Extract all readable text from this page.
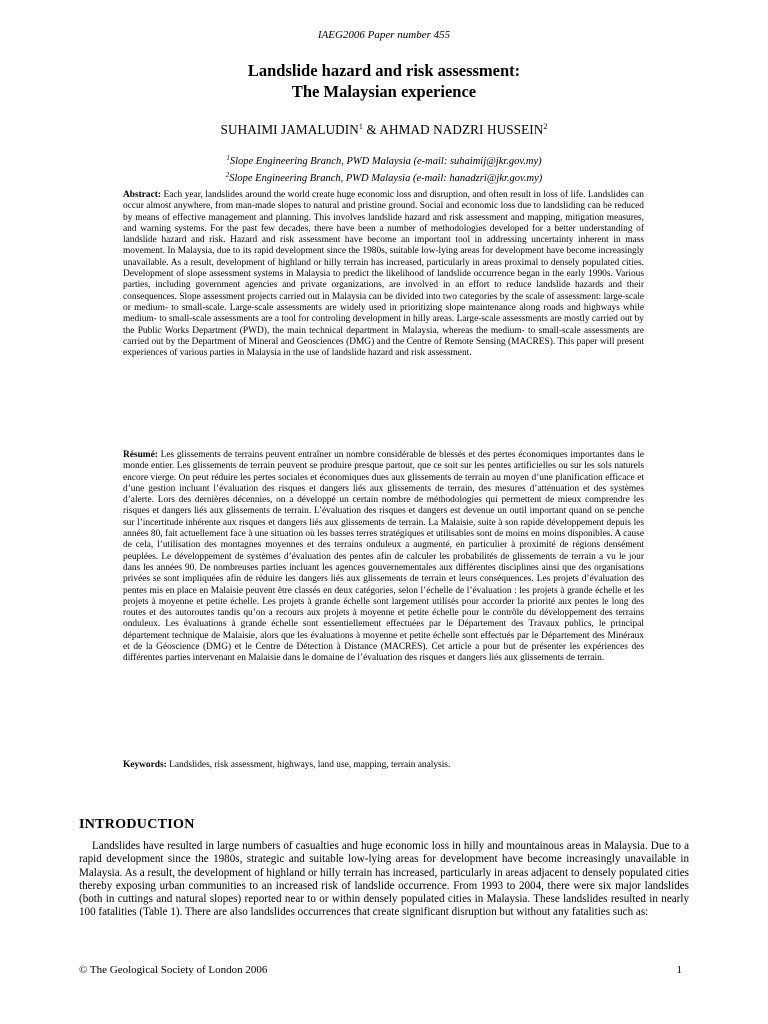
IAEG2006 Paper number 455
Landslide hazard and risk assessment:
The Malaysian experience
SUHAIMI JAMALUDIN$^1$ & AHMAD NADZRI HUSSEIN$^2$
$^1$Slope Engineering Branch, PWD Malaysia (e-mail: suhaimij@jkr.gov.my)
$^2$Slope Engineering Branch, PWD Malaysia (e-mail: hanadzri@jkr.gov.my)
Abstract: Each year, landslides around the world create huge economic loss and disruption, and often result in loss of life. Landslides can occur almost anywhere, from man-made slopes to natural and pristine ground. Social and economic loss due to landsliding can be reduced by means of effective management and planning. This involves landslide hazard and risk assessment and mapping, mitigation measures, and warning systems. For the past few decades, there have been a number of methodologies developed for a better understanding of landslide hazard and risk. Hazard and risk assessment have become an important tool in addressing uncertainty inherent in mass movement. In Malaysia, due to its rapid development since the 1980s, suitable low-lying areas for development have become increasingly unavailable. As a result, development of highland or hilly terrain has increased, particularly in areas proximal to densely populated cities. Development of slope assessment systems in Malaysia to predict the likelihood of landslide occurrence began in the early 1990s. Various parties, including government agencies and private organizations, are involved in an effort to reduce landslide hazards and their consequences. Slope assessment projects carried out in Malaysia can be divided into two categories by the scale of assessment: large-scale or medium- to small-scale. Large-scale assessments are widely used in prioritizing slope maintenance along roads and highways while medium- to small-scale assessments are a tool for controling development in hilly areas. Large-scale assessments are mostly carried out by the Public Works Department (PWD), the main technical department in Malaysia, whereas the medium- to small-scale assessments are carried out by the Department of Mineral and Geosciences (DMG) and the Centre of Remote Sensing (MACRES). This paper will present experiences of various parties in Malaysia in the use of landslide hazard and risk assessment.
Résumé: Les glissements de terrains peuvent entraîner un nombre considérable de blessés et des pertes économiques importantes dans le monde entier. Les glissements de terrain peuvent se produire presque partout, que ce soit sur les pentes artificielles ou sur les sols naturels encore vierge. On peut réduire les pertes sociales et économiques dues aux glissements de terrain au moyen d’une planification efficace et d’une gestion incluant l’évaluation des risques et dangers liés aux glissements de terrain, des mesures d’atténuation et des systèmes d’alerte. Lors des dernières décennies, on a développé un certain nombre de méthodologies qui permettent de mieux comprendre les risques et dangers liés aux glissements de terrain. L’évaluation des risques et dangers est devenue un outil important quand on se penche sur l’incertitude inhérente aux risques et dangers liés aux glissements de terrain. La Malaisie, suite à son rapide développement depuis les années 80, fait actuellement face à une situation où les basses terres stratégiques et utilisables sont de moins en moins disponibles. A cause de cela, l’utilisation des montagnes moyennes et des terrains onduleux a augmenté, en particulier à proximité de régions densément peuplées. Le développement de systèmes d’évaluation des pentes afin de calculer les probabilités de glissements de terrain a vu le jour dans les années 90. De nombreuses parties incluant les agences gouvernementales aux différentes disciplines ainsi que des organisations privées se sont impliquées afin de réduire les dangers liés aux glissements de terrain et leurs conséquences. Les projets d’évaluation des pentes mis en place en Malaisie peuvent être classés en deux catégories, selon l’échelle de l’évaluation : les projets à grande échelle et les projets à moyenne et petite échelle. Les projets à grande échelle sont largement utilisés pour accorder la priorité aux pentes le long des routes et des autoroutes tandis qu’on a recours aux projets à moyenne et petite échelle pour le contrôle du développement des terrains onduleux. Les évaluations à grande échelle sont essentiellement effectuées par le Département des Travaux publics, le principal département technique de Malaisie, alors que les évaluations à moyenne et petite échelle sont effectués par le Département des Minéraux et de la Géoscience (DMG) et le Centre de Détection à Distance (MACRES). Cet article a pour but de présenter les expériences des différentes parties intervenant en Malaisie dans le domaine de l’évaluation des risques et dangers liés aux glissements de terrain.
Keywords: Landslides, risk assessment, highways, land use, mapping, terrain analysis.
INTRODUCTION
Landslides have resulted in large numbers of casualties and huge economic loss in hilly and mountainous areas in Malaysia. Due to a rapid development since the 1980s, strategic and suitable low-lying areas for development have become increasingly unavailable in Malaysia. As a result, the development of highland or hilly terrain has increased, particularly in areas adjacent to densely populated cities thereby exposing urban communities to an increased risk of landslide occurrence. From 1993 to 2004, there were six major landslides (both in cuttings and natural slopes) reported near to or within densely populated cities in Malaysia. These landslides resulted in nearly 100 fatalities (Table 1). There are also landslides occurrences that create significant disruption but without any fatalities such as:
© The Geological Society of London 2006	1
